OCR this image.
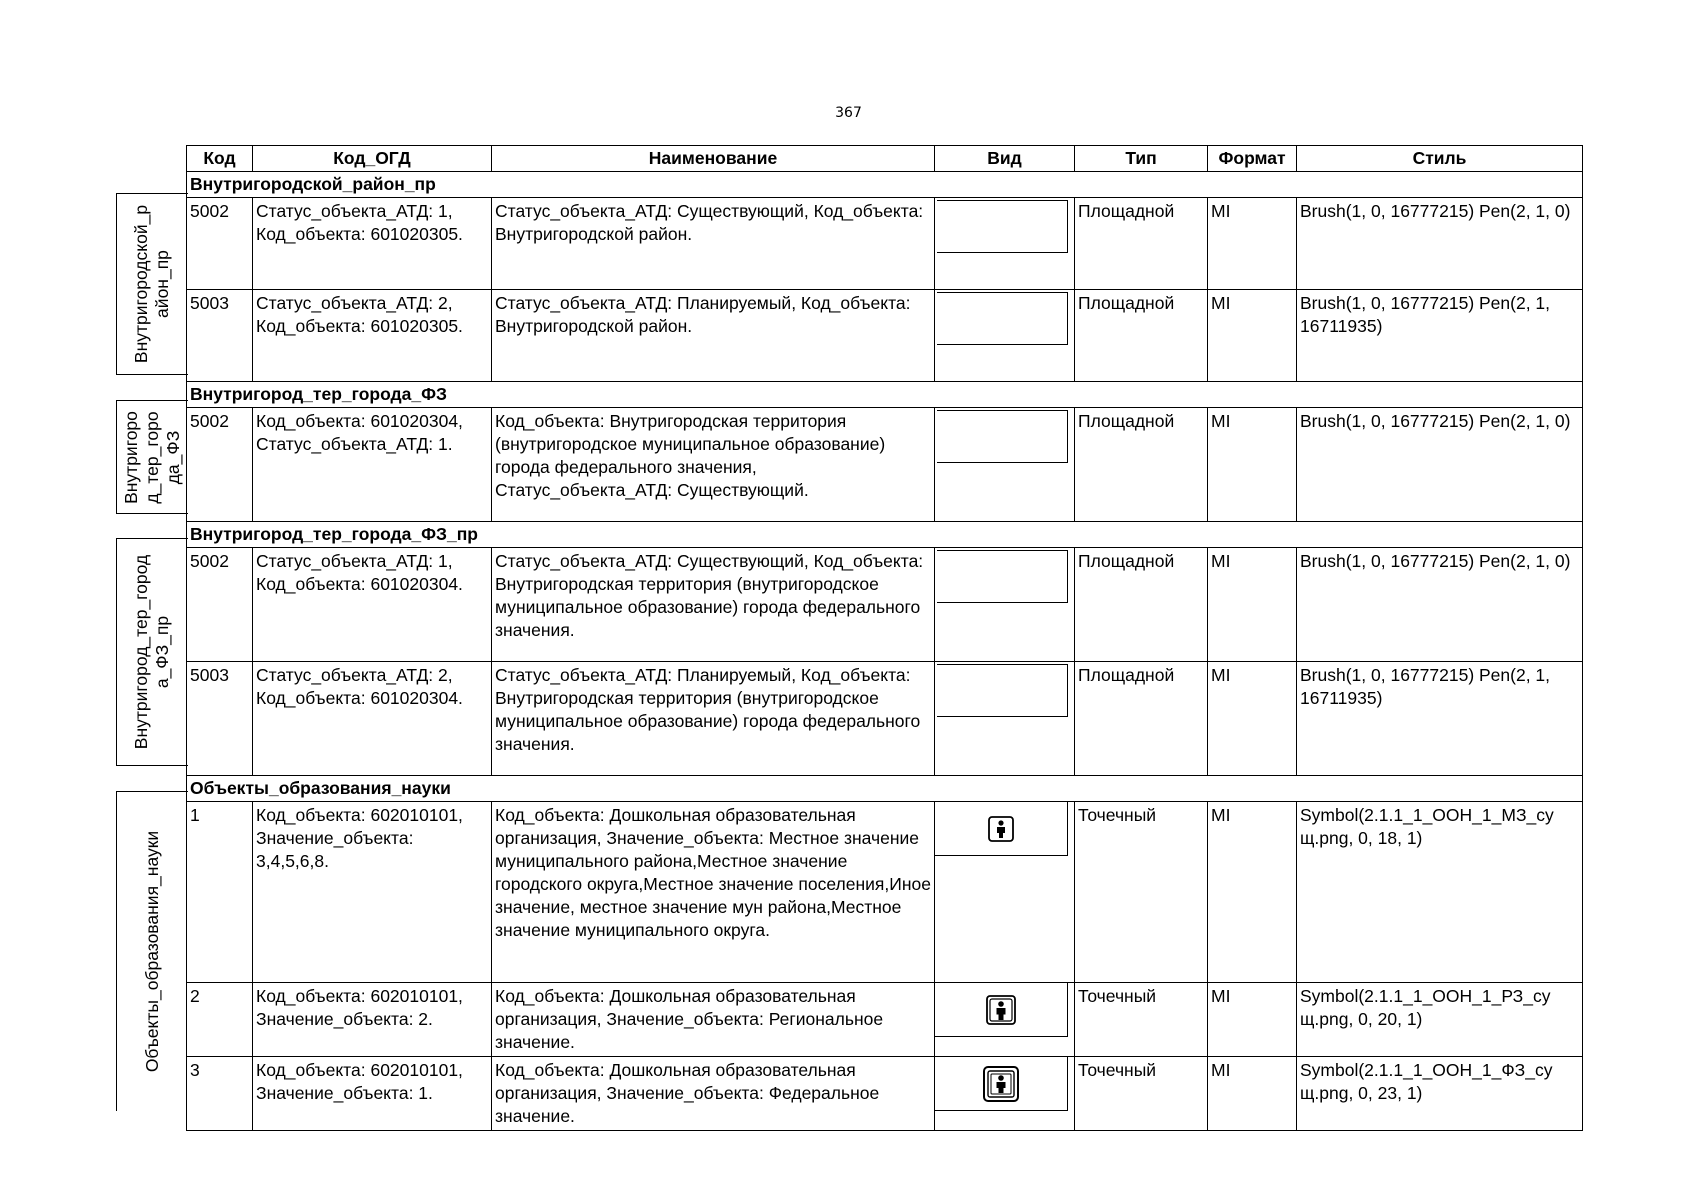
367
Внутригородской_р айон_пр
Внутригоро д_тер_горо да_ФЗ
Внутригород_тер_город а_ФЗ_пр
Объекты_образования_науки
Код	Код_ОГД	Наименование	Вид	Тип	Формат	Стиль
Внутригородской_район_пр						
5002	Статус_объекта_АТД: 1, Код_объекта: 601020305.	Статус_объекта_АТД: Существующий, Код_объекта: Внутригородской район.		Площадной	MI	Brush(1, 0, 16777215) Pen(2, 1, 0)
5003	Статус_объекта_АТД: 2, Код_объекта: 601020305.	Статус_объекта_АТД: Планируемый, Код_объекта: Внутригородской район.		Площадной	MI	Brush(1, 0, 16777215) Pen(2, 1, 16711935)
Внутригород_тер_города_ФЗ						
5002	Код_объекта: 601020304, Статус_объекта_АТД: 1.	Код_объекта: Внутригородская территория (внутригородское муниципальное образование) города федерального значения, Статус_объекта_АТД: Существующий.		Площадной	MI	Brush(1, 0, 16777215) Pen(2, 1, 0)
Внутригород_тер_города_ФЗ_пр						
5002	Статус_объекта_АТД: 1, Код_объекта: 601020304.	Статус_объекта_АТД: Существующий, Код_объекта: Внутригородская территория (внутригородское муниципальное образование) города федерального значения.		Площадной	MI	Brush(1, 0, 16777215) Pen(2, 1, 0)
5003	Статус_объекта_АТД: 2, Код_объекта: 601020304.	Статус_объекта_АТД: Планируемый, Код_объекта: Внутригородская территория (внутригородское муниципальное образование) города федерального значения.		Площадной	MI	Brush(1, 0, 16777215) Pen(2, 1, 16711935)
Объекты_образования_науки						
1	Код_объекта: 602010101, Значение_объекта: 3,4,5,6,8.	Код_объекта: Дошкольная образовательная организация, Значение_объекта: Местное значение муниципального района,Местное значение городского округа,Местное значение поселения,Иное значение, местное значение мун района,Местное значение муниципального округа.		Точечный	MI	Symbol(2.1.1_1_ООН_1_МЗ_су щ.png, 0, 18, 1)
2	Код_объекта: 602010101, Значение_объекта: 2.	Код_объекта: Дошкольная образовательная организация, Значение_объекта: Региональное значение.		Точечный	MI	Symbol(2.1.1_1_ООН_1_РЗ_су щ.png, 0, 20, 1)
3	Код_объекта: 602010101, Значение_объекта: 1.	Код_объекта: Дошкольная образовательная организация, Значение_объекта: Федеральное значение.		Точечный	MI	Symbol(2.1.1_1_ООН_1_ФЗ_су щ.png, 0, 23, 1)
